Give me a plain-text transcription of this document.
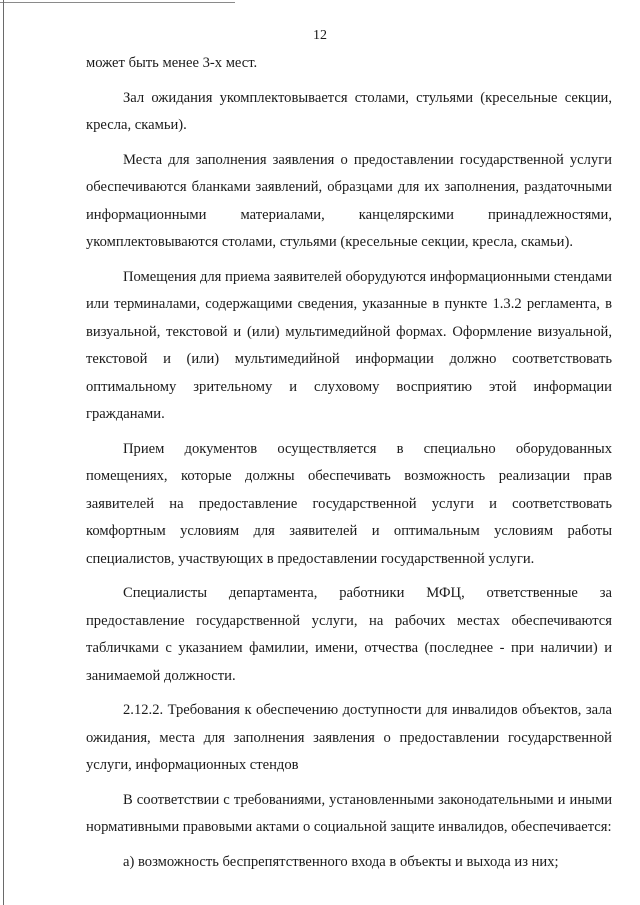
12

может быть менее 3-х мест.

Зал ожидания укомплектовывается столами, стульями (кресельные секции, кресла, скамьи).

Места для заполнения заявления о предоставлении государственной услуги обеспечиваются бланками заявлений, образцами для их заполнения, раздаточными информационными материалами, канцелярскими принадлежностями, укомплектовываются столами, стульями (кресельные секции, кресла, скамьи).

Помещения для приема заявителей оборудуются информационными стендами или терминалами, содержащими сведения, указанные в пункте 1.3.2 регламента, в визуальной, текстовой и (или) мультимедийной формах. Оформление визуальной, текстовой и (или) мультимедийной информации должно соответствовать оптимальному зрительному и слуховому восприятию этой информации гражданами.

Прием документов осуществляется в специально оборудованных помещениях, которые должны обеспечивать возможность реализации прав заявителей на предоставление государственной услуги и соответствовать комфортным условиям для заявителей и оптимальным условиям работы специалистов, участвующих в предоставлении государственной услуги.

Специалисты департамента, работники МФЦ, ответственные за предоставление государственной услуги, на рабочих местах обеспечиваются табличками с указанием фамилии, имени, отчества (последнее - при наличии) и занимаемой должности.

2.12.2. Требования к обеспечению доступности для инвалидов объектов, зала ожидания, места для заполнения заявления о предоставлении государственной услуги, информационных стендов

В соответствии с требованиями, установленными законодательными и иными нормативными правовыми актами о социальной защите инвалидов, обеспечивается:

а) возможность беспрепятственного входа в объекты и выхода из них;
